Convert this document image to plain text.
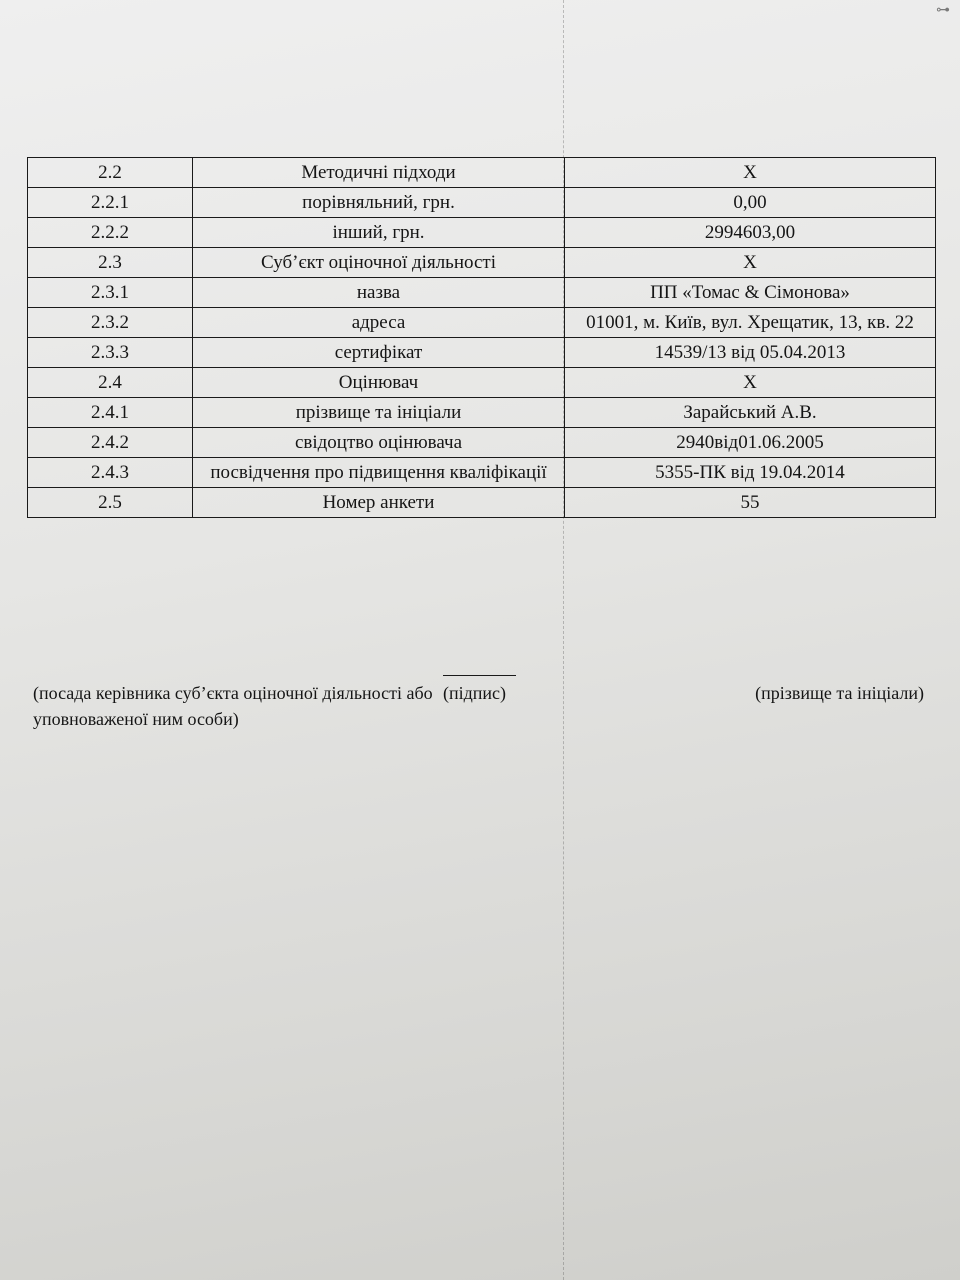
⊶
2.2	Методичні підходи	Х
2.2.1	порівняльний, грн.	0,00
2.2.2	інший, грн.	2994603,00
2.3	Суб’єкт оціночної діяльності	Х
2.3.1	назва	ПП «Томас & Сімонова»
2.3.2	адреса	01001, м. Київ, вул. Хрещатик, 13, кв. 22
2.3.3	сертифікат	14539/13 від 05.04.2013
2.4	Оцінювач	Х
2.4.1	прізвище та ініціали	Зарайський А.В.
2.4.2	свідоцтво оцінювача	2940від01.06.2005
2.4.3	посвідчення про підвищення кваліфікації	5355-ПК від 19.04.2014
2.5	Номер анкети	55
(посада керівника суб’єкта оціночної діяльності або уповноваженої ним особи)
(підпис)	(прізвище та ініціали)
